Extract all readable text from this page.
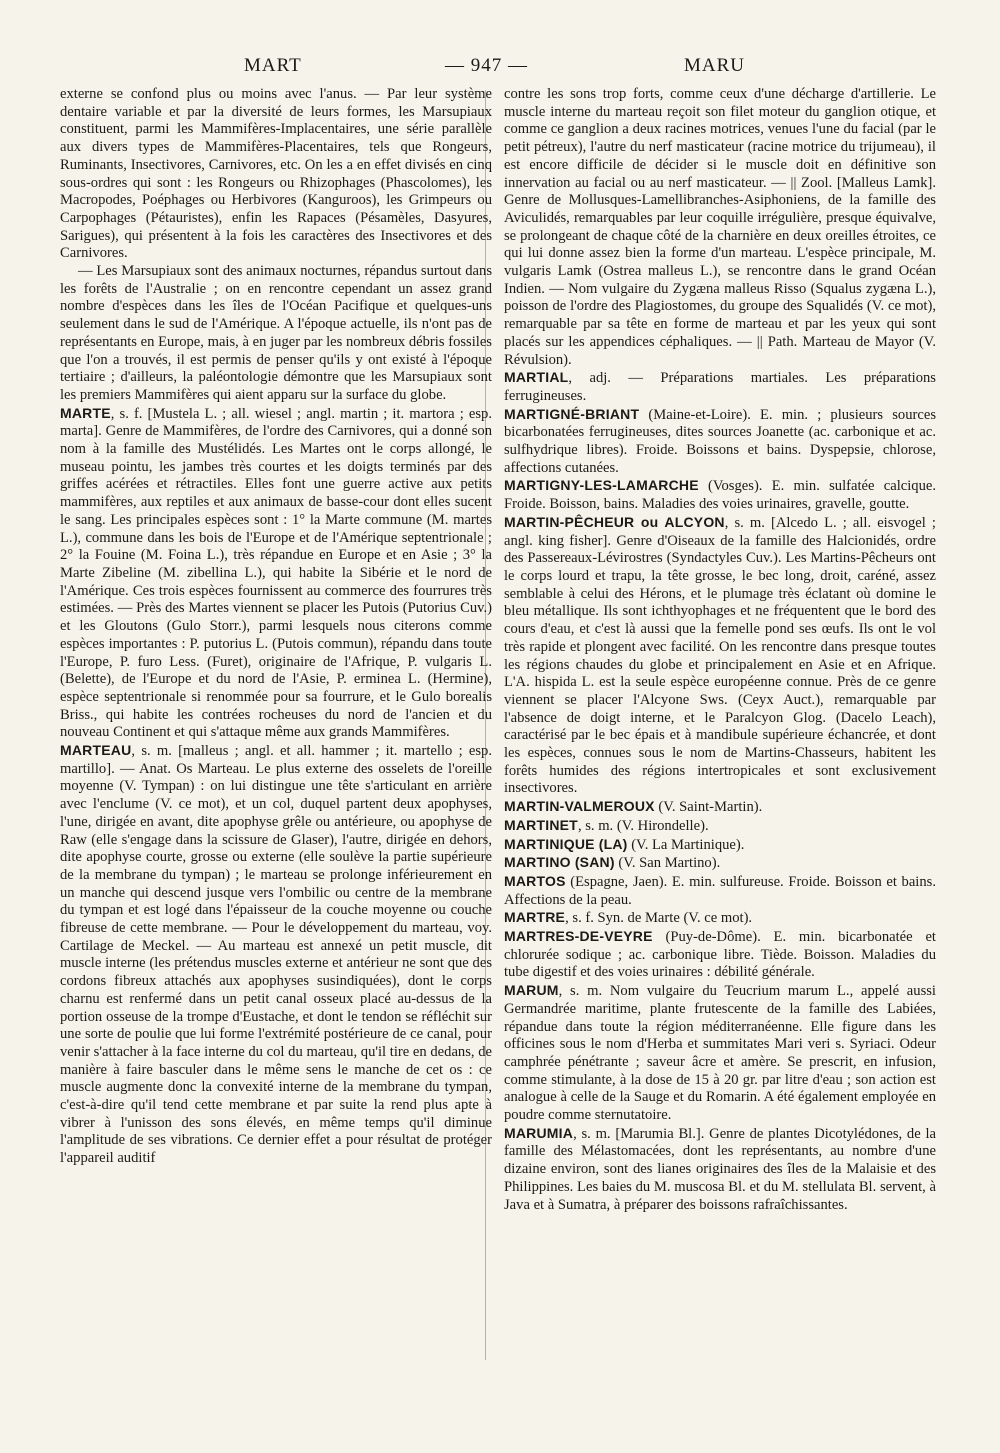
MART	— 947 —	MARU

externe se confond plus ou moins avec l'anus. — Par leur système dentaire variable et par la diversité de leurs formes, les Marsupiaux constituent, parmi les Mammifères-Implacentaires, une série parallèle aux divers types de Mammifères-Placentaires, tels que Rongeurs, Ruminants, Insectivores, Carnivores, etc. On les a en effet divisés en cinq sous-ordres qui sont : les Rongeurs ou Rhizophages (Phascolomes), les Macropodes, Poéphages ou Herbivores (Kanguroos), les Grimpeurs ou Carpophages (Pétauristes), enfin les Rapaces (Pésamèles, Dasyures, Sarigues), qui présentent à la fois les caractères des Insectivores et des Carnivores.

— Les Marsupiaux sont des animaux nocturnes, répandus surtout dans les forêts de l'Australie ; on en rencontre cependant un assez grand nombre d'espèces dans les îles de l'Océan Pacifique et quelques-uns seulement dans le sud de l'Amérique. A l'époque actuelle, ils n'ont pas de représentants en Europe, mais, à en juger par les nombreux débris fossiles que l'on a trouvés, il est permis de penser qu'ils y ont existé à l'époque tertiaire ; d'ailleurs, la paléontologie démontre que les Marsupiaux sont les premiers Mammifères qui aient apparu sur la surface du globe.

MARTE, s. f. [Mustela L. ; all. wiesel ; angl. martin ; it. martora ; esp. marta]. Genre de Mammifères, de l'ordre des Carnivores, qui a donné son nom à la famille des Mustélidés. Les Martes ont le corps allongé, le museau pointu, les jambes très courtes et les doigts terminés par des griffes acérées et rétractiles. Elles font une guerre active aux petits mammifères, aux reptiles et aux animaux de basse-cour dont elles sucent le sang. Les principales espèces sont : 1° la Marte commune (M. martes L.), commune dans les bois de l'Europe et de l'Amérique septentrionale ; 2° la Fouine (M. Foina L.), très répandue en Europe et en Asie ; 3° la Marte Zibeline (M. zibellina L.), qui habite la Sibérie et le nord de l'Amérique. Ces trois espèces fournissent au commerce des fourrures très estimées. — Près des Martes viennent se placer les Putois (Putorius Cuv.) et les Gloutons (Gulo Storr.), parmi lesquels nous citerons comme espèces importantes : P. putorius L. (Putois commun), répandu dans toute l'Europe, P. furo Less. (Furet), originaire de l'Afrique, P. vulgaris L. (Belette), de l'Europe et du nord de l'Asie, P. erminea L. (Hermine), espèce septentrionale si renommée pour sa fourrure, et le Gulo borealis Briss., qui habite les contrées rocheuses du nord de l'ancien et du nouveau Continent et qui s'attaque même aux grands Mammifères.

MARTEAU, s. m. [malleus ; angl. et all. hammer ; it. martello ; esp. martillo]. — Anat. Os Marteau. Le plus externe des osselets de l'oreille moyenne (V. Tympan) : on lui distingue une tête s'articulant en arrière avec l'enclume (V. ce mot), et un col, duquel partent deux apophyses, l'une, dirigée en avant, dite apophyse grêle ou antérieure, ou apophyse de Raw (elle s'engage dans la scissure de Glaser), l'autre, dirigée en dehors, dite apophyse courte, grosse ou externe (elle soulève la partie supérieure de la membrane du tympan) ; le marteau se prolonge inférieurement en un manche qui descend jusque vers l'ombilic ou centre de la membrane du tympan et est logé dans l'épaisseur de la couche moyenne ou couche fibreuse de cette membrane. — Pour le développement du marteau, voy. Cartilage de Meckel. — Au marteau est annexé un petit muscle, dit muscle interne (les prétendus muscles externe et antérieur ne sont que des cordons fibreux attachés aux apophyses susindiquées), dont le corps charnu est renfermé dans un petit canal osseux placé au-dessus de la portion osseuse de la trompe d'Eustache, et dont le tendon se réfléchit sur une sorte de poulie que lui forme l'extrémité postérieure de ce canal, pour venir s'attacher à la face interne du col du marteau, qu'il tire en dedans, de manière à faire basculer dans le même sens le manche de cet os : ce muscle augmente donc la convexité interne de la membrane du tympan, c'est-à-dire qu'il tend cette membrane et par suite la rend plus apte à vibrer à l'unisson des sons élevés, en même temps qu'il diminue l'amplitude de ses vibrations. Ce dernier effet a pour résultat de protéger l'appareil auditif

contre les sons trop forts, comme ceux d'une décharge d'artillerie. Le muscle interne du marteau reçoit son filet moteur du ganglion otique, et comme ce ganglion a deux racines motrices, venues l'une du facial (par le petit pétreux), l'autre du nerf masticateur (racine motrice du trijumeau), il est encore difficile de décider si le muscle doit en définitive son innervation au facial ou au nerf masticateur. — || Zool. [Malleus Lamk]. Genre de Mollusques-Lamellibranches-Asiphoniens, de la famille des Aviculidés, remarquables par leur coquille irrégulière, presque équivalve, se prolongeant de chaque côté de la charnière en deux oreilles étroites, ce qui lui donne assez bien la forme d'un marteau. L'espèce principale, M. vulgaris Lamk (Ostrea malleus L.), se rencontre dans le grand Océan Indien. — Nom vulgaire du Zygæna malleus Risso (Squalus zygæna L.), poisson de l'ordre des Plagiostomes, du groupe des Squalidés (V. ce mot), remarquable par sa tête en forme de marteau et par les yeux qui sont placés sur les appendices céphaliques. — || Path. Marteau de Mayor (V. Révulsion).

MARTIAL, adj. — Préparations martiales. Les préparations ferrugineuses.

MARTIGNÉ-BRIANT (Maine-et-Loire). E. min. ; plusieurs sources bicarbonatées ferrugineuses, dites sources Joanette (ac. carbonique et ac. sulfhydrique libres). Froide. Boissons et bains. Dyspepsie, chlorose, affections cutanées.

MARTIGNY-LES-LAMARCHE (Vosges). E. min. sulfatée calcique. Froide. Boisson, bains. Maladies des voies urinaires, gravelle, goutte.

MARTIN-PÊCHEUR ou ALCYON, s. m. [Alcedo L. ; all. eisvogel ; angl. king fisher]. Genre d'Oiseaux de la famille des Halcionidés, ordre des Passereaux-Lévirostres (Syndactyles Cuv.). Les Martins-Pêcheurs ont le corps lourd et trapu, la tête grosse, le bec long, droit, caréné, assez semblable à celui des Hérons, et le plumage très éclatant où domine le bleu métallique. Ils sont ichthyophages et ne fréquentent que le bord des cours d'eau, et c'est là aussi que la femelle pond ses œufs. Ils ont le vol très rapide et plongent avec facilité. On les rencontre dans presque toutes les régions chaudes du globe et principalement en Asie et en Afrique. L'A. hispida L. est la seule espèce européenne connue. Près de ce genre viennent se placer l'Alcyone Sws. (Ceyx Auct.), remarquable par l'absence de doigt interne, et le Paralcyon Glog. (Dacelo Leach), caractérisé par le bec épais et à mandibule supérieure échancrée, et dont les espèces, connues sous le nom de Martins-Chasseurs, habitent les forêts humides des régions intertropicales et sont exclusivement insectivores.

MARTIN-VALMEROUX (V. Saint-Martin).

MARTINET, s. m. (V. Hirondelle).

MARTINIQUE (LA) (V. La Martinique).

MARTINO (SAN) (V. San Martino).

MARTOS (Espagne, Jaen). E. min. sulfureuse. Froide. Boisson et bains. Affections de la peau.

MARTRE, s. f. Syn. de Marte (V. ce mot).

MARTRES-DE-VEYRE (Puy-de-Dôme). E. min. bicarbonatée et chlorurée sodique ; ac. carbonique libre. Tiède. Boisson. Maladies du tube digestif et des voies urinaires : débilité générale.

MARUM, s. m. Nom vulgaire du Teucrium marum L., appelé aussi Germandrée maritime, plante frutescente de la famille des Labiées, répandue dans toute la région méditerranéenne. Elle figure dans les officines sous le nom d'Herba et summitates Mari veri s. Syriaci. Odeur camphrée pénétrante ; saveur âcre et amère. Se prescrit, en infusion, comme stimulante, à la dose de 15 à 20 gr. par litre d'eau ; son action est analogue à celle de la Sauge et du Romarin. A été également employée en poudre comme sternutatoire.

MARUMIA, s. m. [Marumia Bl.]. Genre de plantes Dicotylédones, de la famille des Mélastomacées, dont les représentants, au nombre d'une dizaine environ, sont des lianes originaires des îles de la Malaisie et des Philippines. Les baies du M. muscosa Bl. et du M. stellulata Bl. servent, à Java et à Sumatra, à préparer des boissons rafraîchissantes.
